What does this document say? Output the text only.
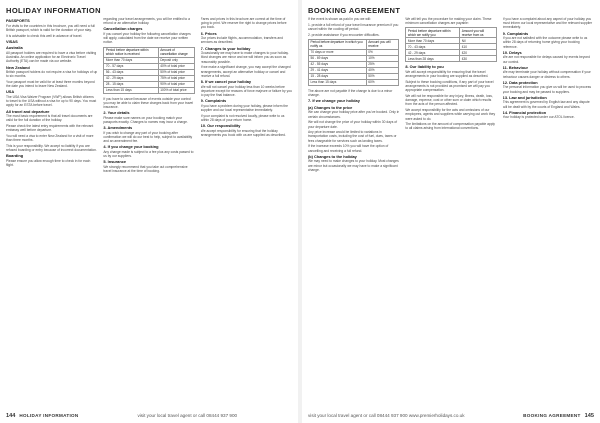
HOLIDAY INFORMATION
PASSPORTS
For visits to the countries in this brochure, you will need a full British passport, which is valid for the duration of your stay.
It is advisable to check this well in advance of travel.
VISAS
Australia
All passport holders are required to have a visa before visiting Australia. An online application for an Electronic Travel Authority (ETA) can be made via our website.
New Zealand
British passport holders do not require a visa for holidays of up to six months.
Your passport must be valid for at least three months beyond the date you intend to leave New Zealand.
USA
The USA Visa Waiver Program (VWP) allows British citizens to travel to the USA without a visa for up to 90 days. You must apply for an ESTA before travel.
All travel and departure
The most basic requirement is that all travel documents are valid for the full duration of the holiday.
Please check the latest entry requirements with the relevant embassy well before departure.
You will need a visa to enter New Zealand for a visit of more than three months.
This is your responsibility. We accept no liability if you are refused boarding or entry because of incorrect documentation.
Boarding
Please ensure you allow enough time to check in for each flight.
regarding your travel arrangements, you will be entitled to a refund or an alternative holiday.
Cancellation charges
If you cancel your holiday the following cancellation charges will apply, calculated from the date we receive your written notice.
Period before departure within which notice is received	Amount of cancellation charge
More than 70 days	Deposit only
70 - 57 days	40% of total price
56 - 43 days	50% of total price
42 - 29 days	75% of total price
28 - 15 days	90% of total price
Less than 15 days	100% of total price
If you have to cancel because of events outside your control you may be able to claim these charges back from your travel insurance.
2. Your details
Please make sure names on your booking match your passports exactly. Changes to names may incur a charge.
3. Amendments
If you wish to change any part of your booking after confirmation we will do our best to help, subject to availability and an amendment fee.
4. If you change your booking
Any change made is subject to a fee plus any costs passed to us by our suppliers.
5. Insurance
We strongly recommend that you take out comprehensive travel insurance at the time of booking.
Fares and prices in this brochure are correct at the time of going to print. We reserve the right to change prices before you book.
6. Prices
Our prices include flights, accommodation, transfers and services as described.
7. Changes to your holiday
Occasionally we may have to make changes to your holiday. Most changes are minor and we will inform you as soon as reasonably possible.
If we make a significant change, you may accept the changed arrangements, accept an alternative holiday or cancel and receive a full refund.
8. If we cancel your holiday
We will not cancel your holiday less than 10 weeks before departure except for reasons of force majeure or failure by you to pay the final balance.
9. Complaints
If you have a problem during your holiday, please inform the supplier and our local representative immediately.
If your complaint is not resolved locally, please write to us within 28 days of your return home.
10. Our responsibility
We accept responsibility for ensuring that the holiday arrangements you book with us are supplied as described.
144 HOLIDAY INFORMATION	visit your local travel agent or call 08444 937 900
BOOKING AGREEMENT
If the event is shown as paid in you we will:
1. provide a full refund of your travel insurance premium if you cancel within the cooling off period.
2. provide assistance if you encounter difficulties.
Period before departure in which you notify us	Amount you will receive
70 days or more	0%
56 - 69 days	10%
42 - 55 days	25%
29 - 41 days	40%
15 - 28 days	50%
Less than 15 days	60%
The above are not payable if the change is due to a minor change.
7. If we change your holiday
(a) Changes to the price
We can change your holiday price after you've booked. Only in certain circumstances.
We will not change the price of your holiday within 30 days of your departure date.
Any price increase would be limited to variations in transportation costs, including the cost of fuel, dues, taxes or fees chargeable for services such as landing taxes.
If the increase exceeds 10% you will have the option of cancelling and receiving a full refund.
(b) Changes to the holiday
We may need to make changes to your holiday. Most changes are minor but occasionally we may have to make a significant change.
We will tell you the procedure for making your claim. These minimum cancellation charges are payable:
Period before departure within which we notify you	Amount you will receive from us
More than 70 days	Nil
70 - 43 days	£10
42 - 29 days	£20
Less than 28 days	£30
8. Our liability to you
We will accept responsibility for ensuring that the travel arrangements in your booking are supplied as described.
Subject to these booking conditions, if any part of your travel arrangements is not provided as promised we will pay you appropriate compensation.
We will not be responsible for any injury, illness, death, loss, damage, expense, cost or other sum or claim which results from the acts of the person affected.
We accept responsibility for the acts and omissions of our employees, agents and suppliers while carrying out work they were asked to do.
The limitations on the amount of compensation payable apply to all claims arising from international conventions.
If you have a complaint about any aspect of your holiday you must inform our local representative and the relevant supplier immediately.
9. Complaints
If you are not satisfied with the outcome please write to us within 28 days of returning home giving your booking reference.
10. Delays
We are not responsible for delays caused by events beyond our control.
11. Behaviour
We may terminate your holiday without compensation if your behaviour causes danger or distress to others.
12. Data protection
The personal information you give us will be used to process your booking and may be passed to suppliers.
13. Law and jurisdiction
This agreement is governed by English law and any dispute will be dealt with by the courts of England and Wales.
14. Financial protection
Your holiday is protected under our ATOL licence.
visit your local travel agent or call 08444 937 900 www.premierholidays.co.uk	BOOKING AGREEMENT 145
